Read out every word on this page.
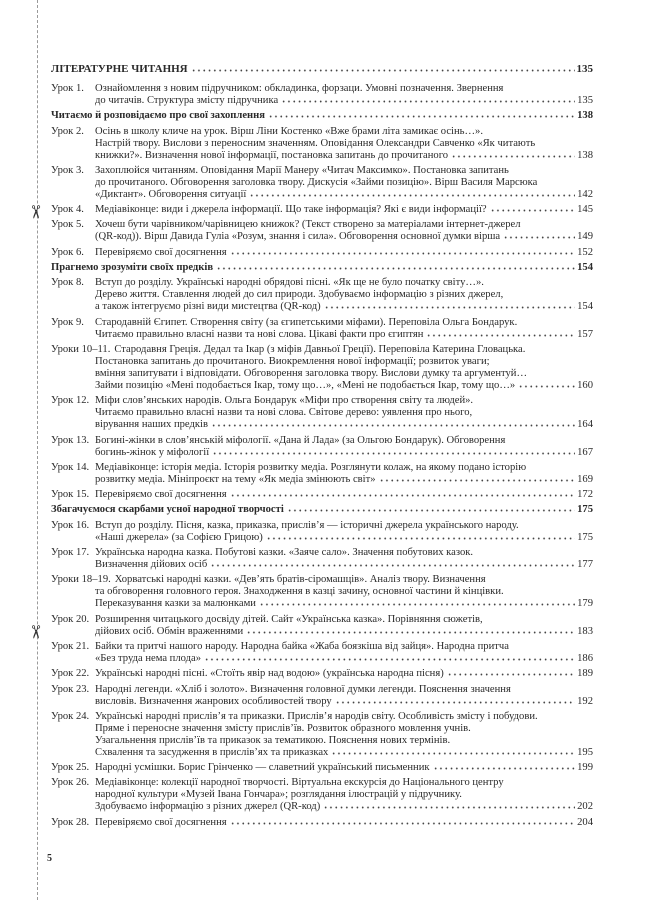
✂
✂
ЛІТЕРАТУРНЕ ЧИТАННЯ	135
Урок 1. Ознайомлення з новим підручником: обкладинка, форзаци. Умовні позначення. Звернення
до читачів. Структура змісту підручника	135
Читаємо й розповідаємо про свої захоплення	138
Урок 2. Осінь в школу кличе на урок. Вірш Ліни Костенко «Вже брами літа замикає осінь…».
Настрій твору. Вислови з переносним значенням. Оповідання Олександри Савченко «Як читають
книжки?». Визначення нової інформації, постановка запитань до прочитаного	138
Урок 3. Захоплюйся читанням. Оповідання Марії Манеру «Читач Максимко». Постановка запитань
до прочитаного. Обговорення заголовка твору. Дискусія «Займи позицію». Вірш Василя Марсюка
«Диктант». Обговорення ситуації	142
Урок 4. Медіавіконце: види і джерела інформації. Що таке інформація? Які є види інформації?	145
Урок 5. Хочеш бути чарівником/чарівницею книжок? (Текст створено за матеріалами інтернет-джерел
(QR-код)). Вірш Давида Гуліа «Розум, знання і сила». Обговорення основної думки вірша	149
Урок 6. Перевіряємо свої досягнення	152
Прагнемо зрозуміти своїх предків	154
Урок 8. Вступ до розділу. Українські народні обрядові пісні. «Як ще не було початку світу…».
Дерево життя. Ставлення людей до сил природи. Здобуваємо інформацію з різних джерел,
а також інтегруємо різні види мистецтва (QR-код)	154
Урок 9. Стародавній Єгипет. Створення світу (за єгипетськими міфами). Переповіла Ольга Бондарук.
Читаємо правильно власні назви та нові слова. Цікаві факти про єгиптян	157
Уроки 10–11. Стародавня Греція. Дедал та Ікар (з міфів Давньої Греції). Переповіла Катерина Гловацька.
Постановка запитань до прочитаного. Виокремлення нової інформації; розвиток уваги;
вміння запитувати і відповідати. Обговорення заголовка твору. Вислови думку та аргументуй…
Займи позицію «Мені подобається Ікар, тому що…», «Мені не подобається Ікар, тому що…»	160
Урок 12. Міфи слов’янських народів. Ольга Бондарук «Міфи про створення світу та людей».
Читаємо правильно власні назви та нові слова. Світове дерево: уявлення про нього,
вірування наших предків	164
Урок 13. Богині-жінки в слов’янській міфології. «Дана й Лада» (за Ольгою Бондарук). Обговорення
богинь-жінок у міфології	167
Урок 14. Медіавіконце: історія медіа. Історія розвитку медіа. Розглянути колаж, на якому подано історію
розвитку медіа. Мініпроєкт на тему «Як медіа змінюють світ»	169
Урок 15. Перевіряємо свої досягнення	172
Збагачуємося скарбами усної народної творчості	175
Урок 16. Вступ до розділу. Пісня, казка, приказка, прислів’я — історичні джерела українського народу.
«Наші джерела» (за Софією Грицою)	175
Урок 17. Українська народна казка. Побутові казки. «Заяче сало». Значення побутових казок.
Визначення дійових осіб	177
Уроки 18–19. Хорватські народні казки. «Дев’ять братів-сіромашців». Аналіз твору. Визначення
та обговорення головного героя. Знаходження в казці зачину, основної частини й кінцівки.
Переказування казки за малюнками	179
Урок 20. Розширення читацького досвіду дітей. Сайт «Українська казка». Порівняння сюжетів,
дійових осіб. Обмін враженнями	183
Урок 21. Байки та притчі нашого народу. Народна байка «Жаба боязкіша від зайця». Народна притча
«Без труда нема плода»	186
Урок 22. Українські народні пісні. «Стоїть явір над водою» (українська народна пісня)	189
Урок 23. Народні легенди. «Хліб і золото». Визначення головної думки легенди. Пояснення значення
висловів. Визначення жанрових особливостей твору	192
Урок 24. Українські народні прислів’я та приказки. Прислів’я народів світу. Особливість змісту і побудови.
Пряме і переносне значення змісту прислів’їв. Розвиток образного мовлення учнів.
Узагальнення прислів’їв та приказок за тематикою. Пояснення нових термінів.
Схвалення та засудження в прислів’ях та приказках	195
Урок 25. Народні усмішки. Борис Грінченко — славетний український письменник	199
Урок 26. Медіавіконце: колекції народної творчості. Віртуальна екскурсія до Національного центру
народної культури «Музей Івана Гончара»; розглядання ілюстрацій у підручнику.
Здобуваємо інформацію з різних джерел (QR-код)	202
Урок 28. Перевіряємо свої досягнення	204
5
